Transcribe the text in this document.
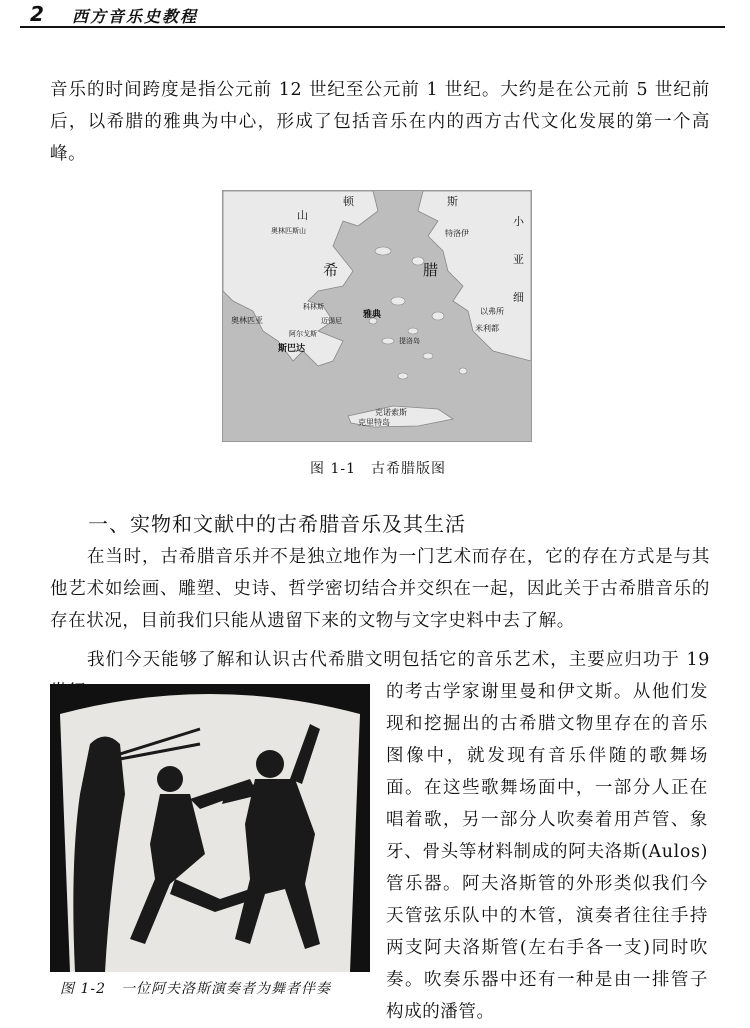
2 西方音乐史教程
音乐的时间跨度是指公元前 12 世纪至公元前 1 世纪。大约是在公元前 5 世纪前后，以希腊的雅典为中心，形成了包括音乐在内的西方古代文化发展的第一个高峰。
山
顿
奥林匹斯山
希	腊
特洛伊
斯
小
亚
细
以弗所
米利都
奥林匹亚
雅典
斯巴达
提洛岛
克诺索斯
克里特岛
阿尔戈斯
科林斯
迈锡尼
图 1-1　古希腊版图
一、实物和文献中的古希腊音乐及其生活
在当时，古希腊音乐并不是独立地作为一门艺术而存在，它的存在方式是与其他艺术如绘画、雕塑、史诗、哲学密切结合并交织在一起，因此关于古希腊音乐的存在状况，目前我们只能从遗留下来的文物与文字史料中去了解。
我们今天能够了解和认识古代希腊文明包括它的音乐艺术，主要应归功于 19
图 1-2　一位阿夫洛斯演奏者为舞者伴奏
的考古学家谢里曼和伊文斯。从他们发现和挖掘出的古希腊文物里存在的音乐图像中，就发现有音乐伴随的歌舞场面。在这些歌舞场面中，一部分人正在唱着歌，另一部分人吹奏着用芦管、象牙、骨头等材料制成的阿夫洛斯(Aulos)管乐器。阿夫洛斯管的外形类似我们今天管弦乐队中的木管，演奏者往往手持两支阿夫洛斯管(左右手各一支)同时吹奏。吹奏乐器中还有一种是由一排管子构成的潘管。
